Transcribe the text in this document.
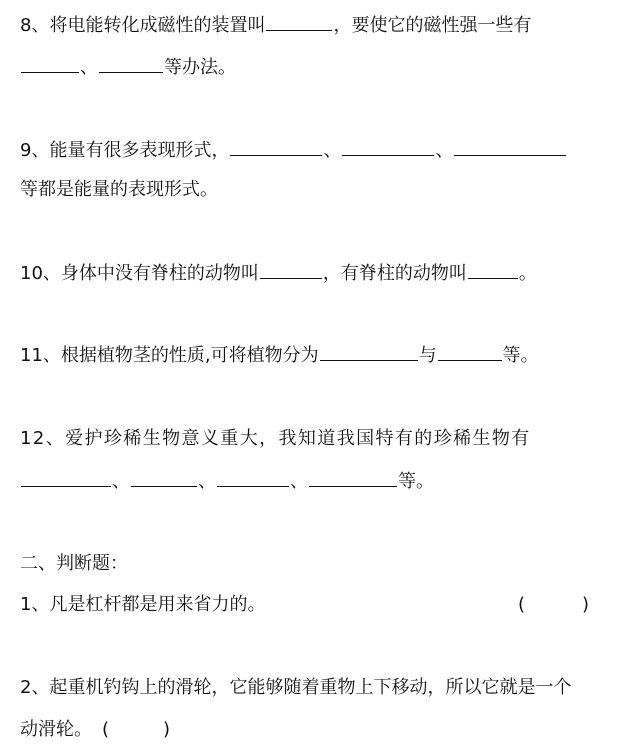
8、将电能转化成磁性的装置叫	，要使它的磁性强一些有
、	等办法。
9、能量有很多表现形式，	、	、
等都是能量的表现形式。
10、身体中没有脊柱的动物叫	，有脊柱的动物叫	。
11、根据植物茎的性质,可将植物分为	与	等。
12、爱护珍稀生物意义重大，我知道我国特有的珍稀生物有
、	、	、	等。
二、判断题：
1、凡是杠杆都是用来省力的。	(	)
2、起重机钓钩上的滑轮，它能够随着重物上下移动，所以它就是一个
动滑轮。 (	)
